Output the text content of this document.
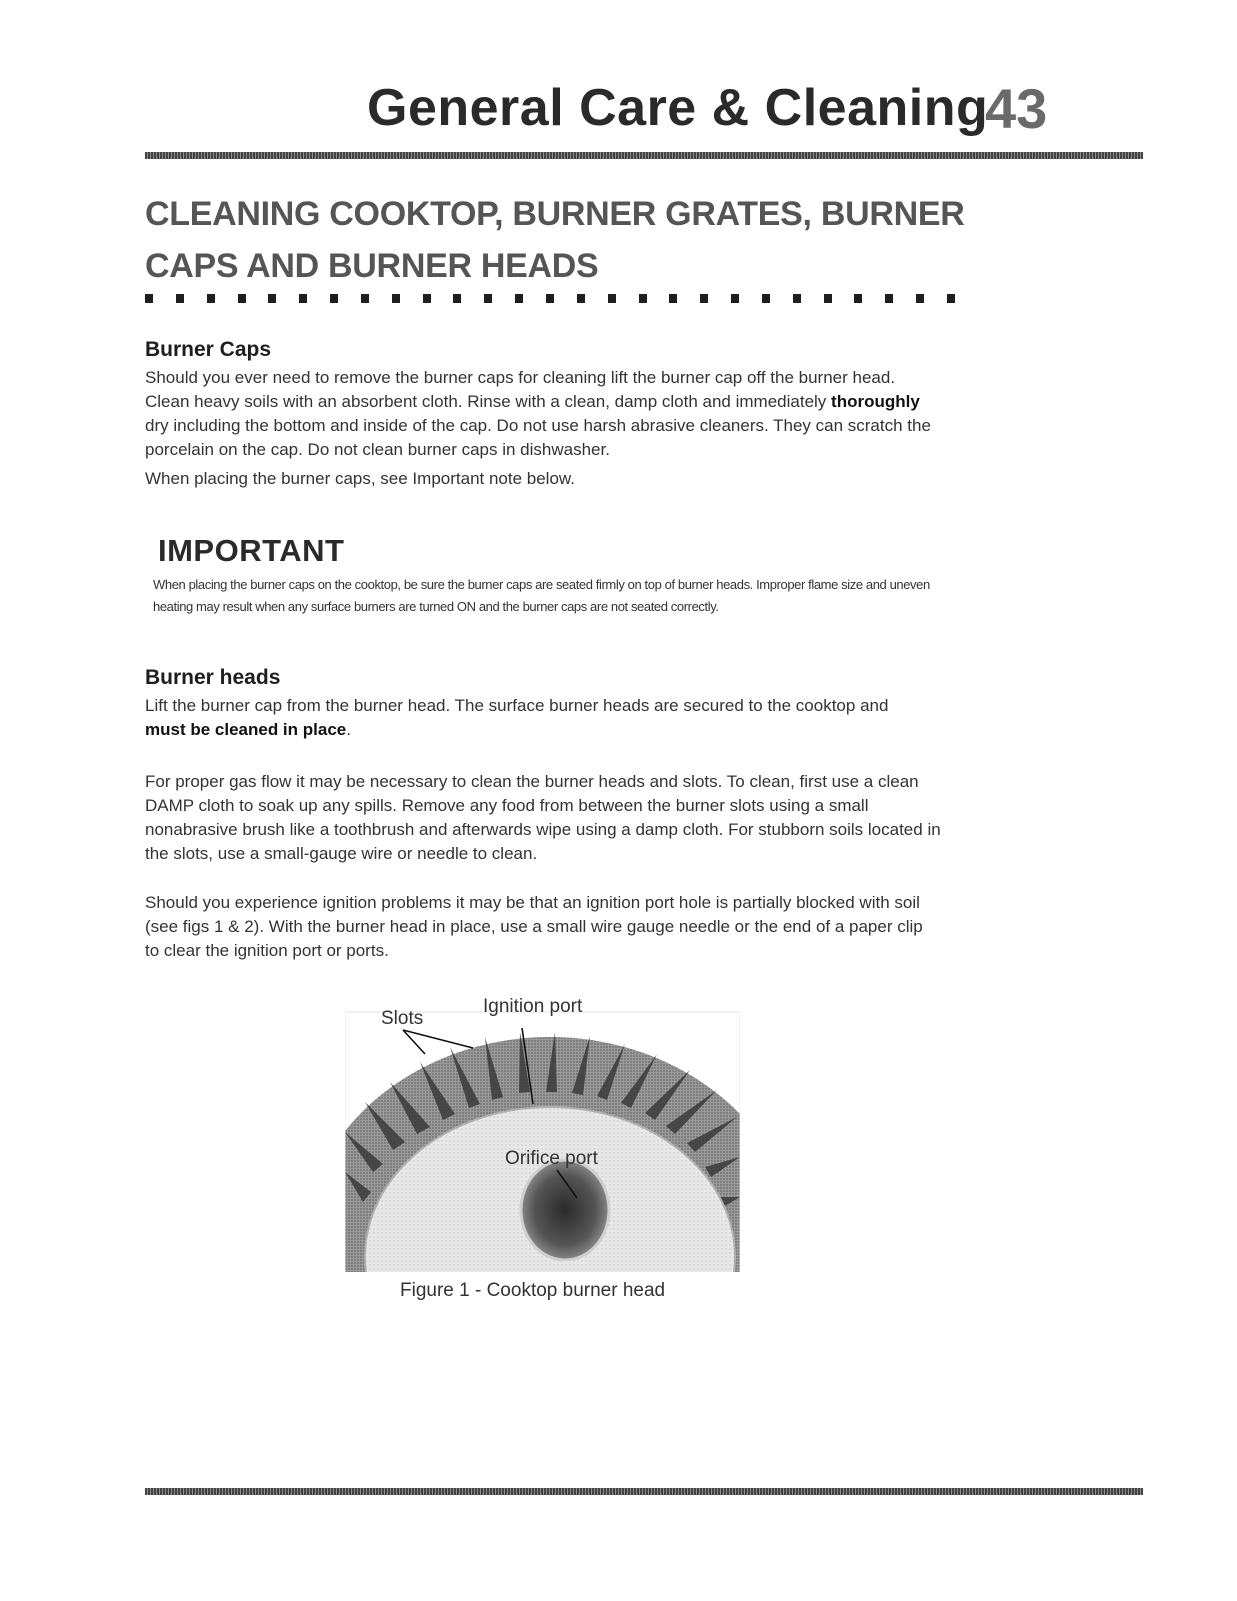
General Care & Cleaning
43
CLEANING COOKTOP, BURNER GRATES, BURNER
CAPS AND BURNER HEADS
Burner Caps

Should you ever need to remove the burner caps for cleaning lift the burner cap off the burner head. Clean heavy soils with an absorbent cloth. Rinse with a clean, damp cloth and immediately thoroughly dry including the bottom and inside of the cap. Do not use harsh abrasive cleaners. They can scratch the porcelain on the cap. Do not clean burner caps in dishwasher.

When placing the burner caps, see Important note below.

IMPORTANT
When placing the burner caps on the cooktop, be sure the burner caps are seated firmly on top of burner heads. Improper flame size and uneven heating may result when any surface burners are turned ON and the burner caps are not seated correctly.
Burner heads

Lift the burner cap from the burner head. The surface burner heads are secured to the cooktop and must be cleaned in place.

For proper gas flow it may be necessary to clean the burner heads and slots. To clean, first use a clean DAMP cloth to soak up any spills. Remove any food from between the burner slots using a small nonabrasive brush like a toothbrush and afterwards wipe using a damp cloth. For stubborn soils located in the slots, use a small-gauge wire or needle to clean.

Should you experience ignition problems it may be that an ignition port hole is partially blocked with soil (see figs 1 & 2). With the burner head in place, use a small wire gauge needle or the end of a paper clip to clear the ignition port or ports.

Slots
Ignition port
Orifice port
Figure 1 - Cooktop burner head
